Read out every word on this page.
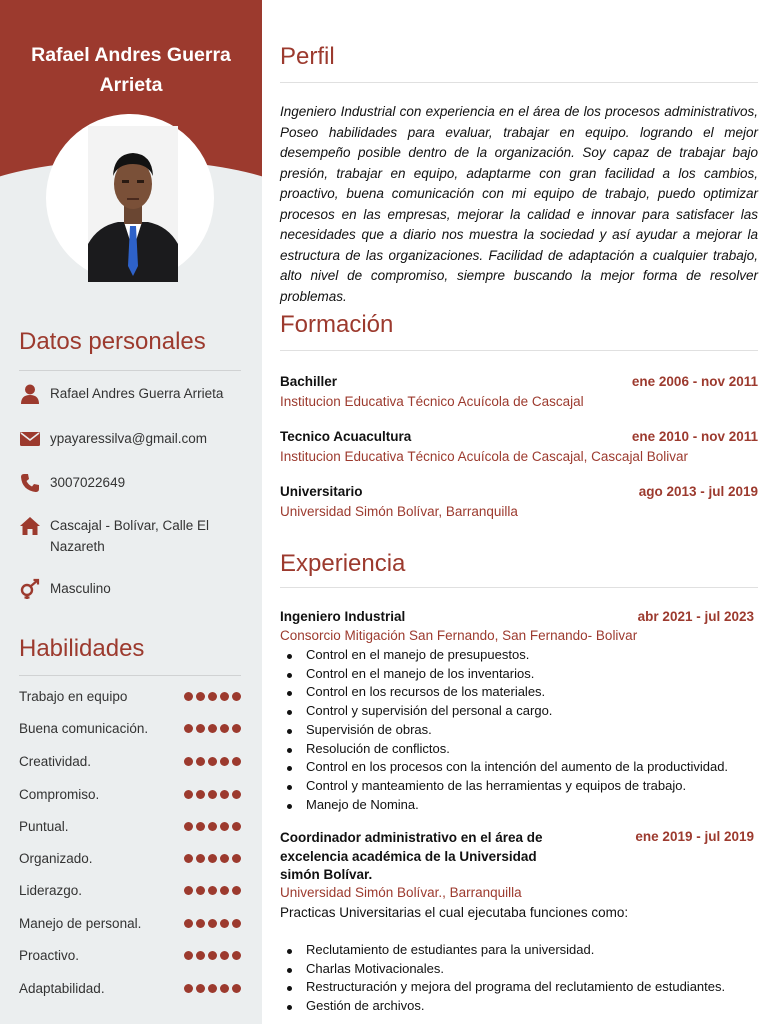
Rafael Andres Guerra Arrieta
Datos personales
Rafael Andres Guerra Arrieta
ypayaressilva@gmail.com
3007022649
Cascajal - Bolívar, Calle El Nazareth
Masculino
Habilidades
Trabajo en equipo
Buena comunicación.
Creatividad.
Compromiso.
Puntual.
Organizado.
Liderazgo.
Manejo de personal.
Proactivo.
Adaptabilidad.
Perfil

Ingeniero Industrial con experiencia en el área de los procesos administrativos, Poseo habilidades para evaluar, trabajar en equipo. logrando el mejor desempeño posible dentro de la organización. Soy capaz de trabajar bajo presión, trabajar en equipo, adaptarme con gran facilidad a los cambios, proactivo, buena comunicación con mi equipo de trabajo, puedo optimizar procesos en las empresas, mejorar la calidad e innovar para satisfacer las necesidades que a diario nos muestra la sociedad y así ayudar a mejorar la estructura de las organizaciones. Facilidad de adaptación a cualquier trabajo, alto nivel de compromiso, siempre buscando la mejor forma de resolver problemas.

Formación
Bachiller	ene 2006 - nov 2011
Institucion Educativa Técnico Acuícola de Cascajal
Tecnico Acuacultura	ene 2010 - nov 2011
Institucion Educativa Técnico Acuícola de Cascajal, Cascajal Bolivar
Universitario	ago 2013 - jul 2019
Universidad Simón Bolívar, Barranquilla
Experiencia
Ingeniero Industrial	abr 2021 - jul 2023
Consorcio Mitigación San Fernando, San Fernando- Bolivar
Control en el manejo de presupuestos.
Control en el manejo de los inventarios.
Control en los recursos de los materiales.
Control y supervisión del personal a cargo.
Supervisión de obras.
Resolución de conflictos.
Control en los procesos con la intención del aumento de la productividad.
Control y manteamiento de las herramientas y equipos de trabajo.
Manejo de Nomina.
Coordinador administrativo en el área de
excelencia académica de la Universidad
simón Bolívar.
ene 2019 - jul 2019
Universidad Simón Bolívar., Barranquilla
Practicas Universitarias el cual ejecutaba funciones como:
Reclutamiento de estudiantes para la universidad.
Charlas Motivacionales.
Restructuración y mejora del programa del reclutamiento de estudiantes.
Gestión de archivos.
